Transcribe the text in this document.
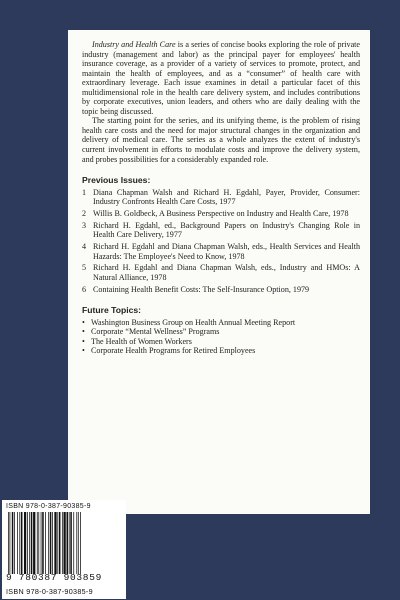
Industry and Health Care is a series of concise books exploring the role of private industry (management and labor) as the principal payer for employees' health insurance coverage, as a provider of a variety of services to promote, protect, and maintain the health of employees, and as a “consumer” of health care with extraordinary leverage. Each issue examines in detail a particular facet of this multidimensional role in the health care delivery system, and includes contributions by corporate executives, union leaders, and others who are daily dealing with the topic being discussed.

The starting point for the series, and its unifying theme, is the problem of rising health care costs and the need for major structural changes in the organization and delivery of medical care. The series as a whole analyzes the extent of industry's current involvement in efforts to modulate costs and improve the delivery system, and probes possibilities for a considerably expanded role.

Previous Issues:
1 Diana Chapman Walsh and Richard H. Egdahl, Payer, Provider, Consumer: Industry Confronts Health Care Costs, 1977
2 Willis B. Goldbeck, A Business Perspective on Industry and Health Care, 1978
3 Richard H. Egdahl, ed., Background Papers on Industry's Changing Role in Health Care Delivery, 1977
4 Richard H. Egdahl and Diana Chapman Walsh, eds., Health Services and Health Hazards: The Employee's Need to Know, 1978
5 Richard H. Egdahl and Diana Chapman Walsh, eds., Industry and HMOs: A Natural Alliance, 1978
6 Containing Health Benefit Costs: The Self-Insurance Option, 1979
Future Topics:
• Washington Business Group on Health Annual Meeting Report
• Corporate “Mental Wellness” Programs
• The Health of Women Workers
• Corporate Health Programs for Retired Employees
ISBN 978-0-387-90385-9
9 780387 903859
ISBN 978-0-387-90385-9
